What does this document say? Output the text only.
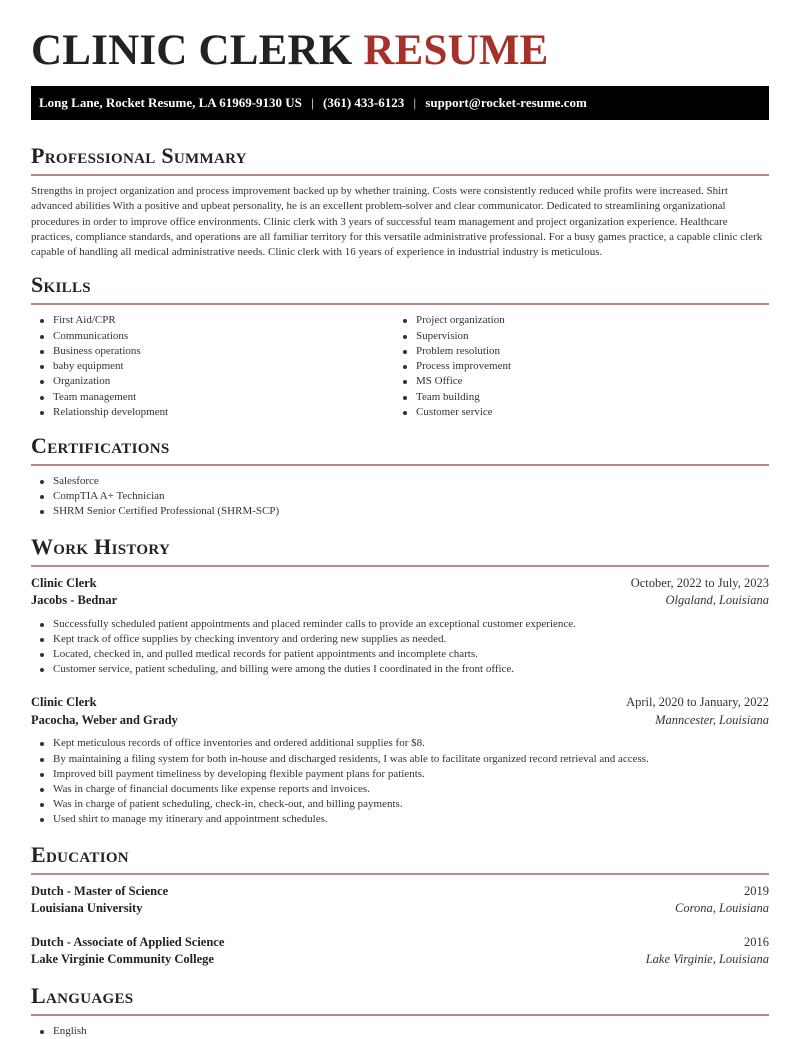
CLINIC CLERK RESUME
Long Lane, Rocket Resume, LA 61969-9130 US | (361) 433-6123 | support@rocket-resume.com
Professional Summary

Strengths in project organization and process improvement backed up by whether training. Costs were consistently reduced while profits were increased. Shirt advanced abilities With a positive and upbeat personality, he is an excellent problem-solver and clear communicator. Dedicated to streamlining organizational procedures in order to improve office environments. Clinic clerk with 3 years of successful team management and project organization experience. Healthcare practices, compliance standards, and operations are all familiar territory for this versatile administrative professional. For a busy games practice, a capable clinic clerk capable of handling all medical administrative needs. Clinic clerk with 16 years of experience in industrial industry is meticulous.

Skills
First Aid/CPR
Communications
Business operations
baby equipment
Organization
Team management
Relationship development
Project organization
Supervision
Problem resolution
Process improvement
MS Office
Team building
Customer service
Certifications
Salesforce
CompTIA A+ Technician
SHRM Senior Certified Professional (SHRM-SCP)
Work History
Clinic Clerk	October, 2022 to July, 2023
Jacobs - Bednar	Olgaland, Louisiana
Successfully scheduled patient appointments and placed reminder calls to provide an exceptional customer experience.
Kept track of office supplies by checking inventory and ordering new supplies as needed.
Located, checked in, and pulled medical records for patient appointments and incomplete charts.
Customer service, patient scheduling, and billing were among the duties I coordinated in the front office.
Clinic Clerk	April, 2020 to January, 2022
Pacocha, Weber and Grady	Manncester, Louisiana
Kept meticulous records of office inventories and ordered additional supplies for $8.
By maintaining a filing system for both in-house and discharged residents, I was able to facilitate organized record retrieval and access.
Improved bill payment timeliness by developing flexible payment plans for patients.
Was in charge of financial documents like expense reports and invoices.
Was in charge of patient scheduling, check-in, check-out, and billing payments.
Used shirt to manage my itinerary and appointment schedules.
Education
Dutch - Master of Science	2019
Louisiana University	Corona, Louisiana
Dutch - Associate of Applied Science	2016
Lake Virginie Community College	Lake Virginie, Louisiana
Languages
English
